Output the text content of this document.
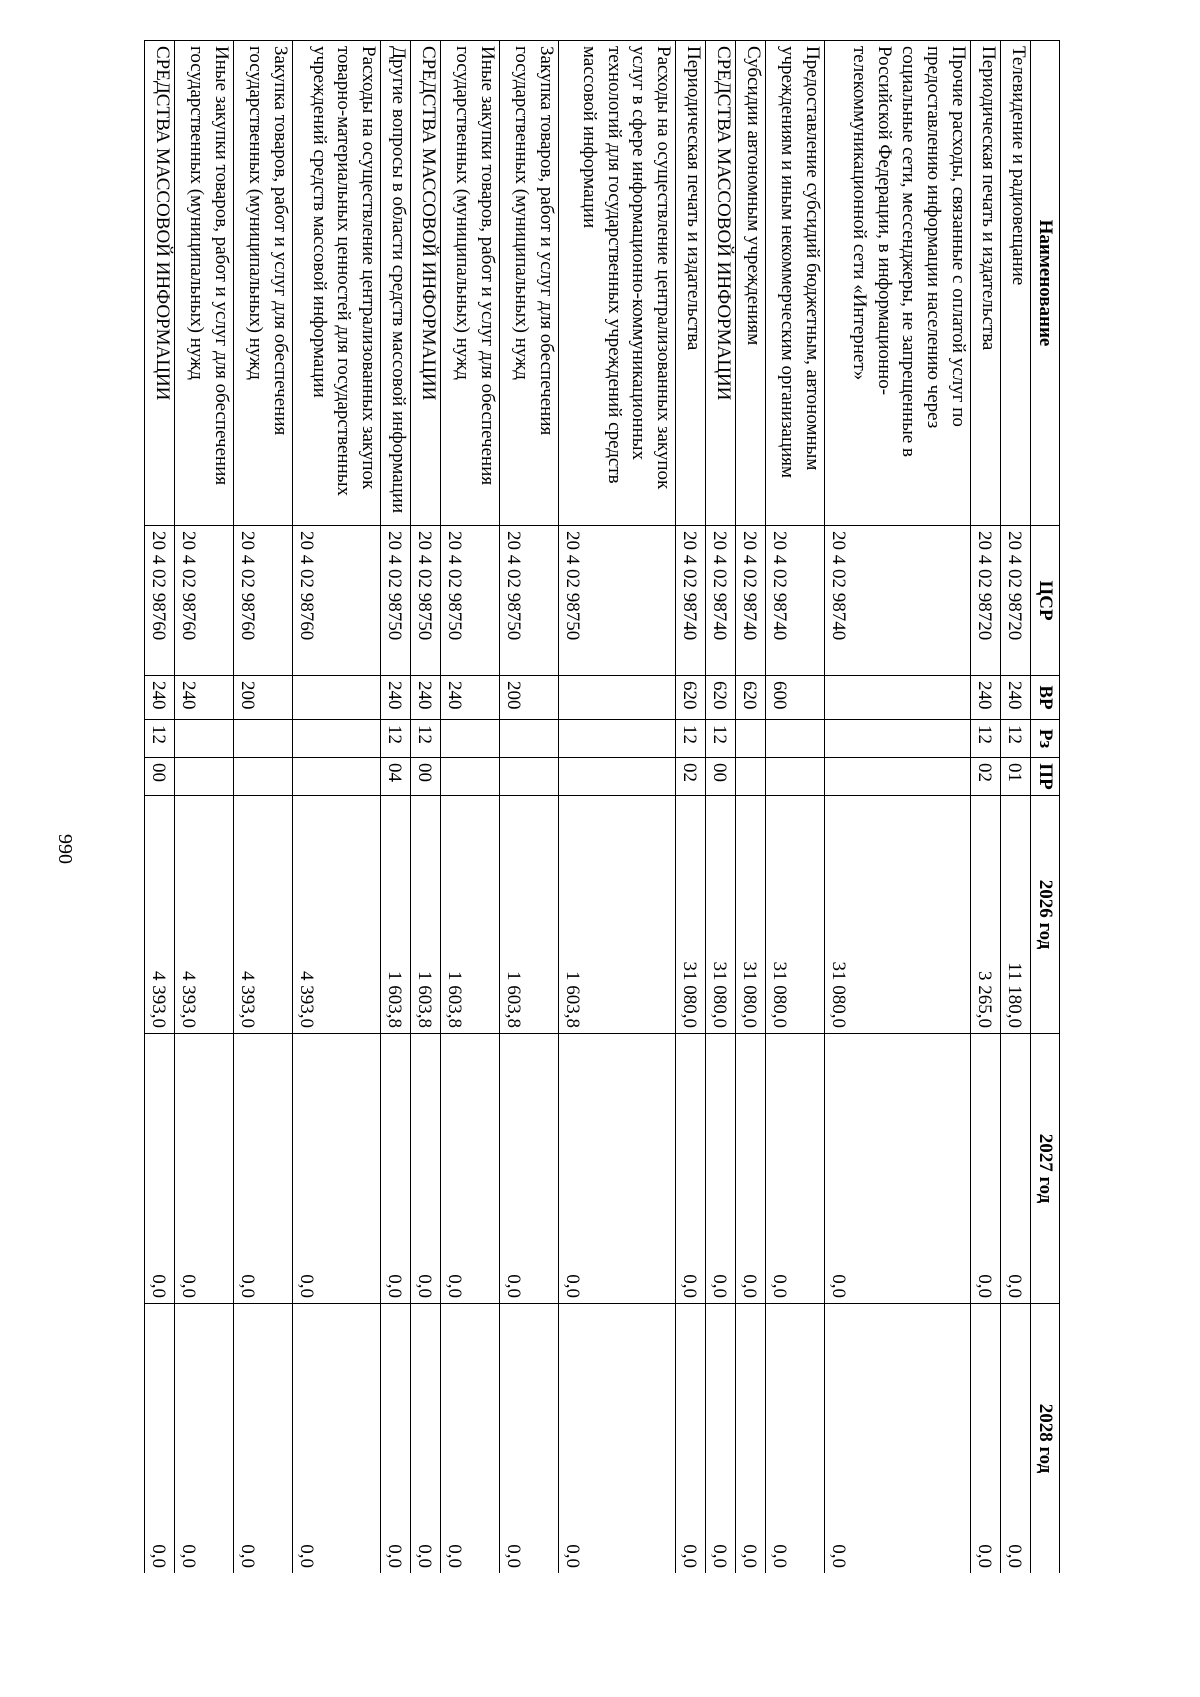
990
Наименование	ЦСР	ВР	Рз	ПР	2026 год	2027 год	2028 год
Телевидение и радиовещание	20 4 02 98720	240	12	01	11 180,0	0,0	0,0
Периодическая печать и издательства	20 4 02 98720	240	12	02	3 265,0	0,0	0,0
Прочие расходы, связанные с оплатой услуг по предоставлению информации населению через социальные сети, мессенджеры, не запрещенные в Российской Федерации, в информационно-телекоммуникационной сети «Интернет»	20 4 02 98740				31 080,0	0,0	0,0
Предоставление субсидий бюджетным, автономным учреждениям и иным некоммерческим организациям	20 4 02 98740	600			31 080,0	0,0	0,0
Субсидии автономным учреждениям	20 4 02 98740	620			31 080,0	0,0	0,0
СРЕДСТВА МАССОВОЙ ИНФОРМАЦИИ	20 4 02 98740	620	12	00	31 080,0	0,0	0,0
Периодическая печать и издательства	20 4 02 98740	620	12	02	31 080,0	0,0	0,0
Расходы на осуществление централизованных закупок услуг в сфере информационно-коммуникационных технологий для государственных учреждений средств массовой информации	20 4 02 98750				1 603,8	0,0	0,0
Закупка товаров, работ и услуг для обеспечения государственных (муниципальных) нужд	20 4 02 98750	200			1 603,8	0,0	0,0
Иные закупки товаров, работ и услуг для обеспечения государственных (муниципальных) нужд	20 4 02 98750	240			1 603,8	0,0	0,0
СРЕДСТВА МАССОВОЙ ИНФОРМАЦИИ	20 4 02 98750	240	12	00	1 603,8	0,0	0,0
Другие вопросы в области средств массовой информации	20 4 02 98750	240	12	04	1 603,8	0,0	0,0
Расходы на осуществление централизованных закупок товарно-материальных ценностей для государственных учреждений средств массовой информации	20 4 02 98760				4 393,0	0,0	0,0
Закупка товаров, работ и услуг для обеспечения государственных (муниципальных) нужд	20 4 02 98760	200			4 393,0	0,0	0,0
Иные закупки товаров, работ и услуг для обеспечения государственных (муниципальных) нужд	20 4 02 98760	240			4 393,0	0,0	0,0
СРЕДСТВА МАССОВОЙ ИНФОРМАЦИИ	20 4 02 98760	240	12	00	4 393,0	0,0	0,0
